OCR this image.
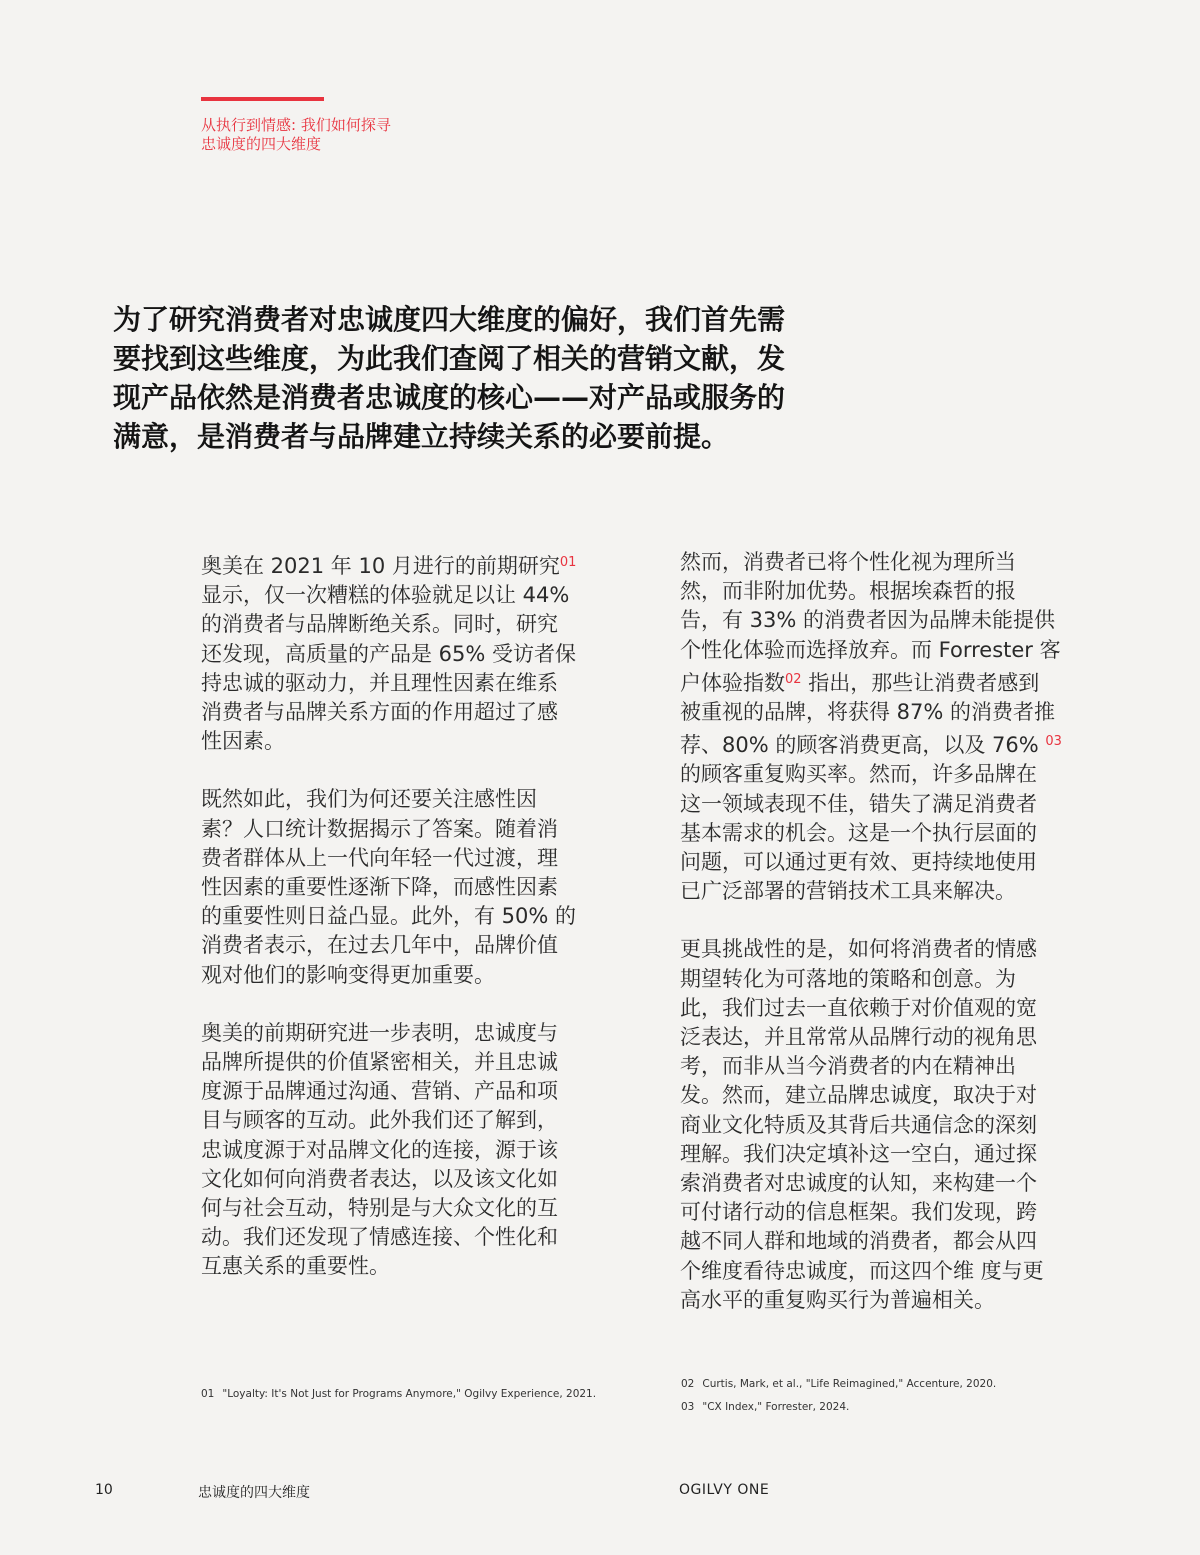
从执行到情感: 我们如何探寻
忠诚度的四大维度
为了研究消费者对忠诚度四大维度的偏好，我们首先需
要找到这些维度，为此我们查阅了相关的营销文献，发
现产品依然是消费者忠诚度的核心——对产品或服务的
满意，是消费者与品牌建立持续关系的必要前提。
奥美在 2021 年 10 月进行的前期研究$^{01}$
显示，仅一次糟糕的体验就足以让 44%
的消费者与品牌断绝关系。同时，研究
还发现，高质量的产品是 65% 受访者保
持忠诚的驱动力，并且理性因素在维系
消费者与品牌关系方面的作用超过了感
性因素。
既然如此，我们为何还要关注感性因
素？人口统计数据揭示了答案。随着消
费者群体从上一代向年轻一代过渡，理
性因素的重要性逐渐下降，而感性因素
的重要性则日益凸显。此外，有 50% 的
消费者表示，在过去几年中，品牌价值
观对他们的影响变得更加重要。
奥美的前期研究进一步表明，忠诚度与
品牌所提供的价值紧密相关，并且忠诚
度源于品牌通过沟通、营销、产品和项
目与顾客的互动。此外我们还了解到，
忠诚度源于对品牌文化的连接，源于该
文化如何向消费者表达，以及该文化如
何与社会互动，特别是与大众文化的互
动。我们还发现了情感连接、个性化和
互惠关系的重要性。
然而，消费者已将个性化视为理所当
然，而非附加优势。根据埃森哲的报
告，有 33% 的消费者因为品牌未能提供
个性化体验而选择放弃。而 Forrester 客
户体验指数$^{02}$ 指出，那些让消费者感到
被重视的品牌，将获得 87% 的消费者推
荐、80% 的顾客消费更高，以及 76% $^{03}$
的顾客重复购买率。然而，许多品牌在
这一领域表现不佳，错失了满足消费者
基本需求的机会。这是一个执行层面的
问题，可以通过更有效、更持续地使用
已广泛部署的营销技术工具来解决。
更具挑战性的是，如何将消费者的情感
期望转化为可落地的策略和创意。为
此，我们过去一直依赖于对价值观的宽
泛表达，并且常常从品牌行动的视角思
考，而非从当今消费者的内在精神出
发。然而，建立品牌忠诚度，取决于对
商业文化特质及其背后共通信念的深刻
理解。我们决定填补这一空白，通过探
索消费者对忠诚度的认知，来构建一个
可付诸行动的信息框架。我们发现，跨
越不同人群和地域的消费者，都会从四
个维度看待忠诚度，而这四个维 度与更
高水平的重复购买行为普遍相关。
01 "Loyalty: It's Not Just for Programs Anymore," Ogilvy Experience, 2021.
02 Curtis, Mark, et al., "Life Reimagined," Accenture, 2020.
03 "CX Index," Forrester, 2024.
10	忠诚度的四大维度	OGILVY ONE
